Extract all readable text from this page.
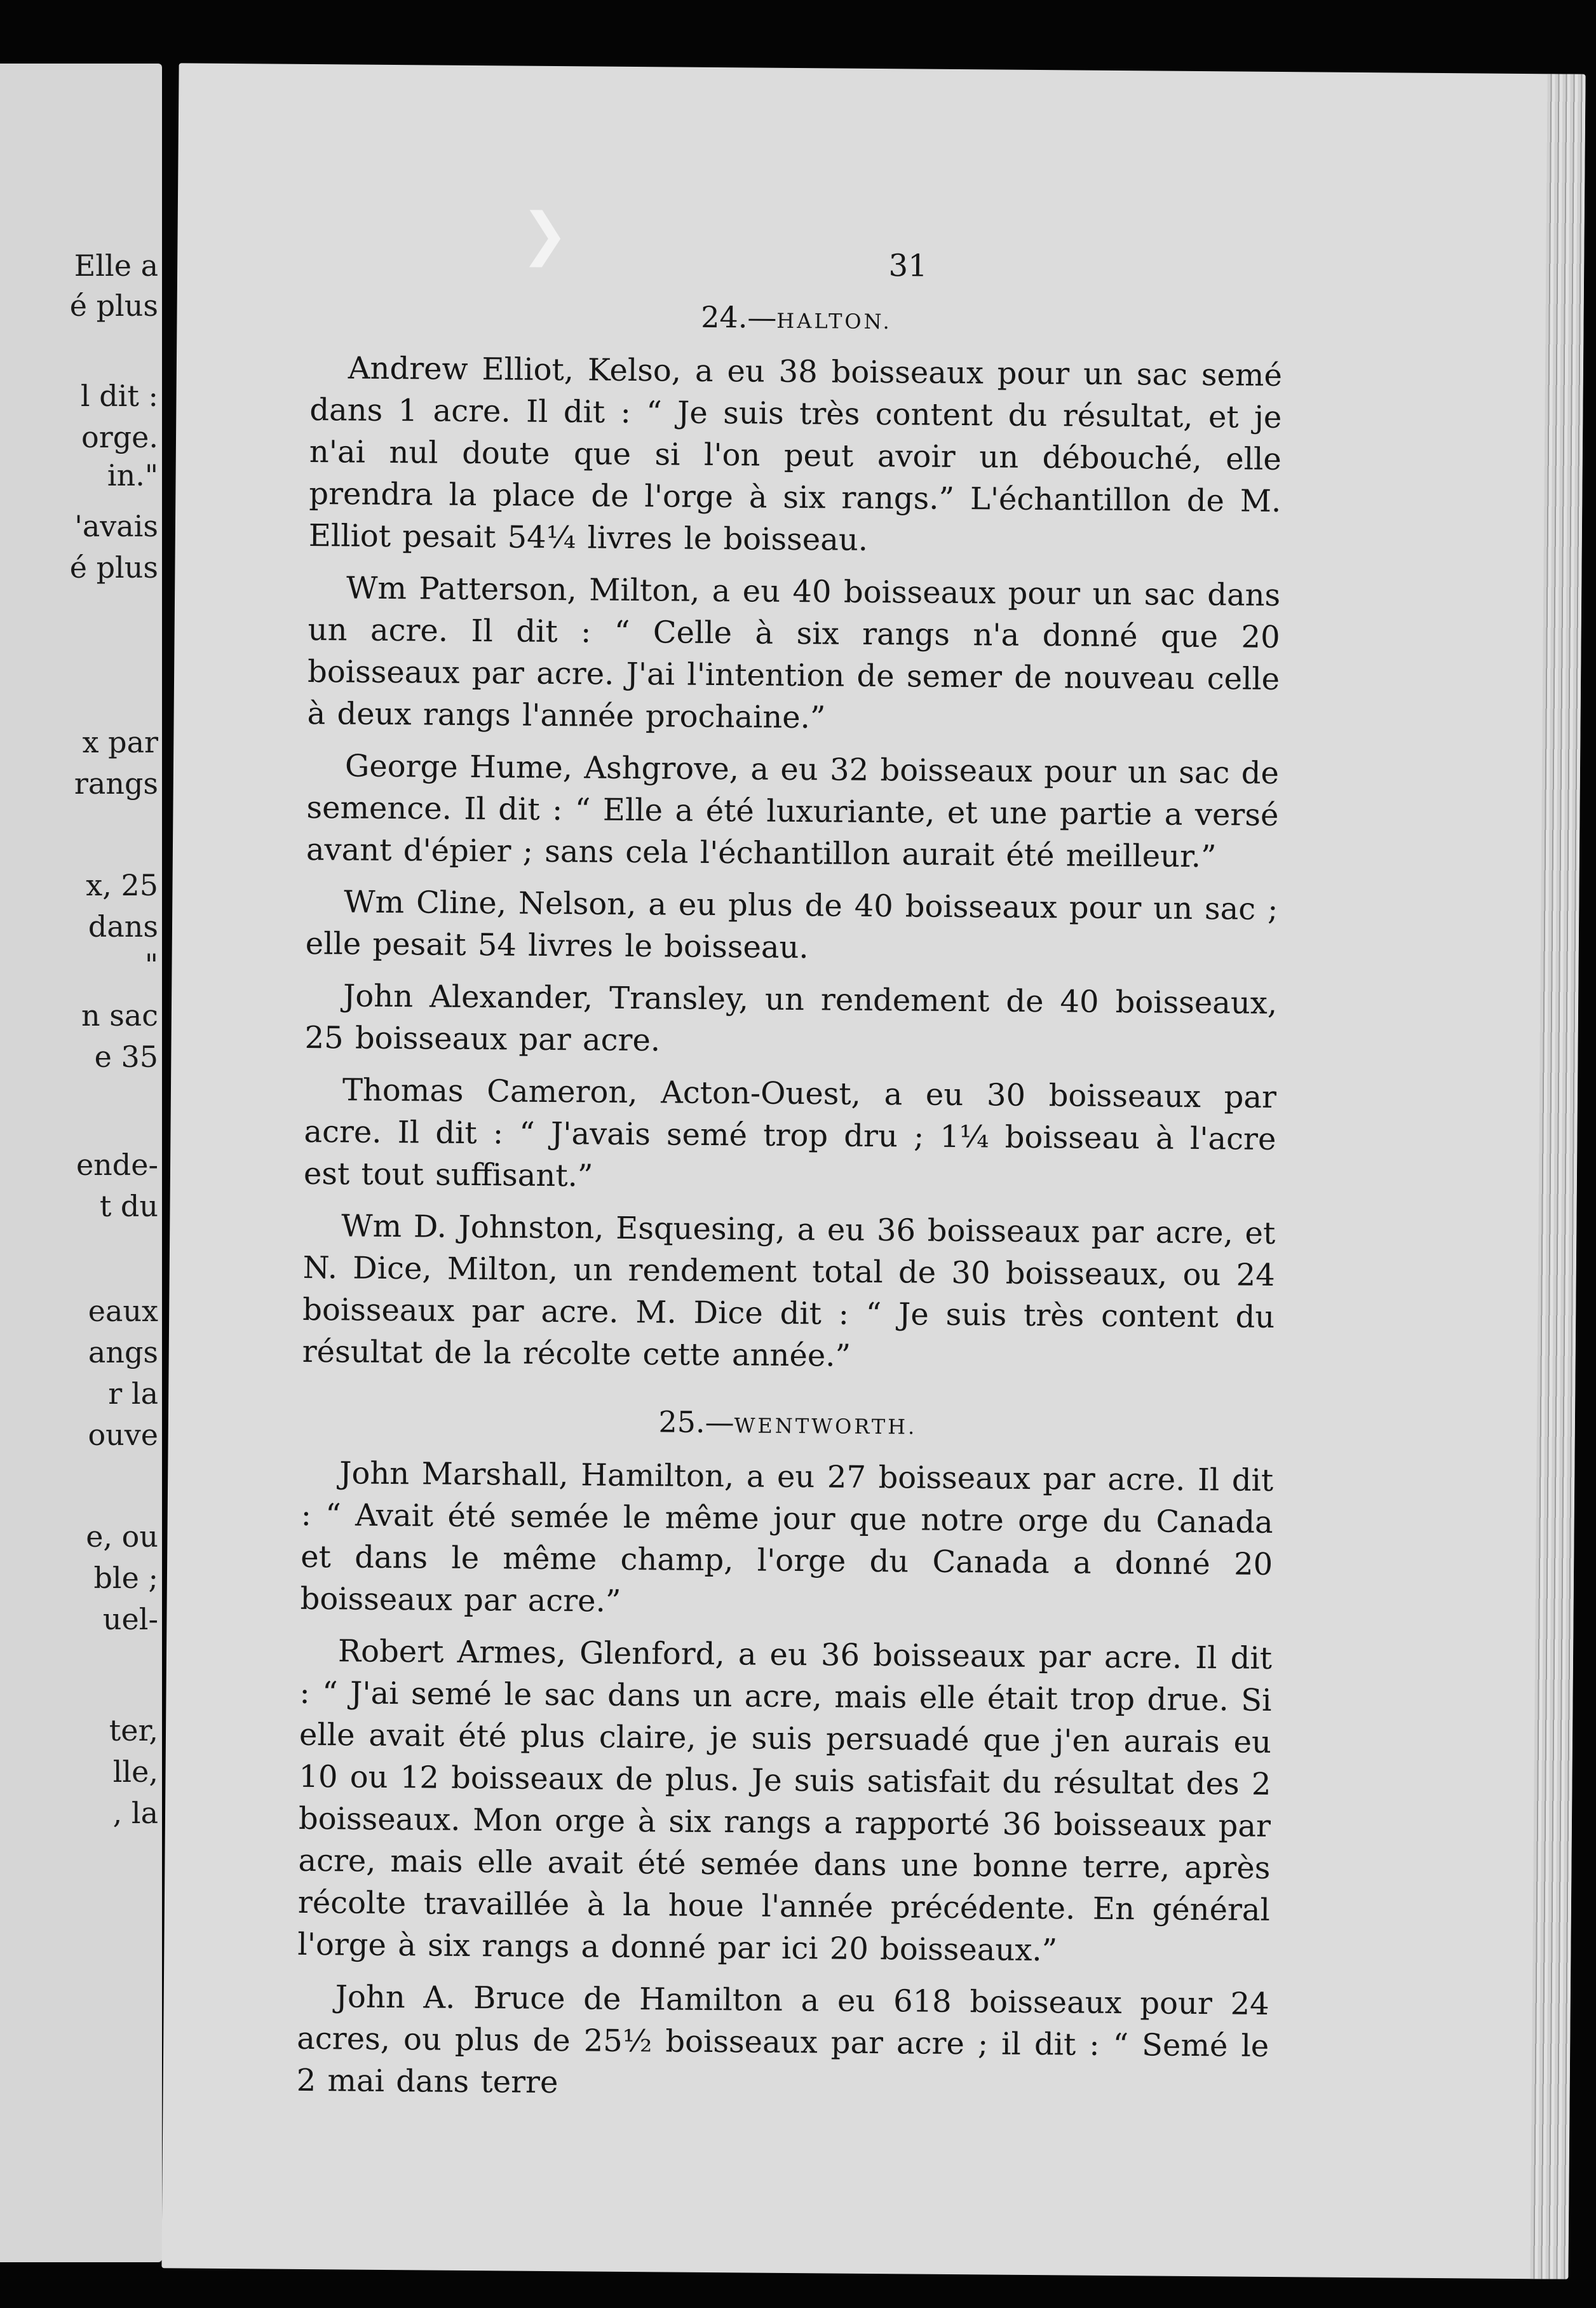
Elle a
é plus
l dit :
orge.
in."
'avais
é plus
x par
rangs
x, 25
dans
"
n sac
e 35
ende-
t du
eaux
angs
r la
ouve
e, ou
ble ;
uel-
ter,
lle,
, la
❯	31
24.—HALTON.

Andrew Elliot, Kelso, a eu 38 boisseaux pour un sac semé dans 1 acre. Il dit : “ Je suis très content du résultat, et je n'ai nul doute que si l'on peut avoir un débouché, elle prendra la place de l'orge à six rangs.” L'échantillon de M. Elliot pesait 54¼ livres le boisseau.

Wm Patterson, Milton, a eu 40 boisseaux pour un sac dans un acre. Il dit : “ Celle à six rangs n'a donné que 20 boisseaux par acre. J'ai l'intention de semer de nouveau celle à deux rangs l'année prochaine.”

George Hume, Ashgrove, a eu 32 boisseaux pour un sac de semence. Il dit : “ Elle a été luxuriante, et une partie a versé avant d'épier ; sans cela l'échantillon aurait été meilleur.”

Wm Cline, Nelson, a eu plus de 40 boisseaux pour un sac ; elle pesait 54 livres le boisseau.

John Alexander, Transley, un rendement de 40 boisseaux, 25 boisseaux par acre.

Thomas Cameron, Acton-Ouest, a eu 30 boisseaux par acre. Il dit : “ J'avais semé trop dru ; 1¼ boisseau à l'acre est tout suffisant.”

Wm D. Johnston, Esquesing, a eu 36 boisseaux par acre, et N. Dice, Milton, un rendement total de 30 boisseaux, ou 24 boisseaux par acre. M. Dice dit : “ Je suis très content du résultat de la récolte cette année.”

25.—WENTWORTH.

John Marshall, Hamilton, a eu 27 boisseaux par acre. Il dit : “ Avait été semée le même jour que notre orge du Canada et dans le même champ, l'orge du Canada a donné 20 boisseaux par acre.”

Robert Armes, Glenford, a eu 36 boisseaux par acre. Il dit : “ J'ai semé le sac dans un acre, mais elle était trop drue. Si elle avait été plus claire, je suis persuadé que j'en aurais eu 10 ou 12 boisseaux de plus. Je suis satisfait du résultat des 2 boisseaux. Mon orge à six rangs a rapporté 36 boisseaux par acre, mais elle avait été semée dans une bonne terre, après récolte travaillée à la houe l'année précédente. En général l'orge à six rangs a donné par ici 20 boisseaux.”

John A. Bruce de Hamilton a eu 618 boisseaux pour 24 acres, ou plus de 25½ boisseaux par acre ; il dit : “ Semé le 2 mai dans terre
